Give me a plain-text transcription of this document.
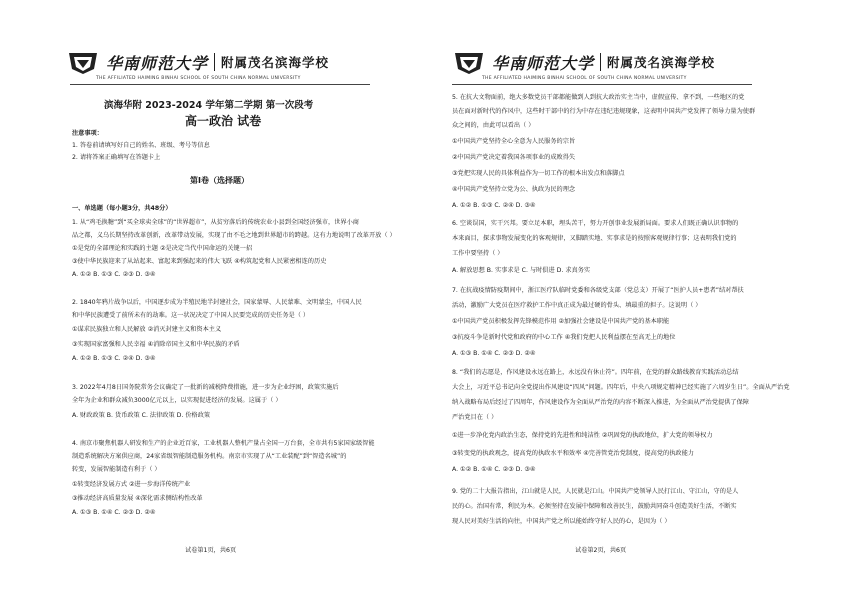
华南师范大学 附属茂名滨海学校
THE AFFILIATED HAIMING BINHAI SCHOOL OF SOUTH CHINA NORMAL UNIVERSITY
滨海华附 2023-2024 学年第二学期 第一次段考
高一政治 试卷
注意事项：
1. 答卷前请填写好自己的姓名、班级、考号等信息
2. 请将答案正确填写在答题卡上
第Ⅰ卷（选择题）
一、单选题（每小题3分，共48分）
1. 从“鸡毛换糖”到“买全球卖全球”的“世界超市”，从贫穷落后的传统农业小县到全国经济强市，世界小商
品之都，义乌长期坚持改革创新，改革带动发展，实现了由不毛之地到世界超市的跨越。这有力地说明了改革开放（ ）
①是党的全部理论和实践的主题 ②是决定当代中国命运的关键一招
③使中华民族迎来了从站起来、富起来到强起来的伟大飞跃 ④构筑起党和人民紧密相连的历史
A. ①② B. ①③ C. ②③ D. ③④
2. 1840年鸦片战争以后，中国逐步成为半殖民地半封建社会，国家蒙辱、人民蒙难、文明蒙尘，中国人民
和中华民族遭受了前所未有的劫难。这一状况决定了中国人民要完成的历史任务是（ ）
①谋求民族独立和人民解放 ②消灭封建主义和资本主义
③实现国家富强和人民幸福 ④消除帝国主义和中华民族的矛盾
A. ①② B. ①③ C. ②④ D. ③④
3. 2022年4月8日国务院常务会议确定了一批新的减税降费措施，进一步为企业纾困，政策实施后
全年为企业和群众减负3000亿元以上，以实现促进经济的发展。这属于（ ）
A. 财政政策 B. 货币政策 C. 法律政策 D. 价格政策
4. 南京市聚焦机器人研发和生产的企业近百家，工业机器人整机产量占全国一万台套，全市共有5家国家级智能
制造系统解决方案供应商，24家省级智能制造服务机构。南京市实现了从“工业装配”到“智造名城”的
转变，发展智能制造有利于（ ）
①转变经济发展方式 ②进一步海洋传统产业
③推动经济高质量发展 ④深化需求侧结构性改革
A. ①③ B. ①④ C. ②③ D. ②④
试卷第1页，共6页
华南师范大学 附属茂名滨海学校
THE AFFILIATED HAIMING BINHAI SCHOOL OF SOUTH CHINA NORMAL UNIVERSITY
5. 在抗大文物面前，绝大多数党员干部都能做到人到抗大政治实主当中，虚假宣传、拿不到，一些地区的党
员在面对新时代的作风中，这些时干部中的行为中存在违纪违规现象，这表明中国共产党发挥了领导力量为使群
众之间的，由此可以看出（ ）
①中国共产党坚持全心全意为人民服务的宗旨
②中国共产党决定着我国各项事业的成败得失
③党把实现人民的具体利益作为一切工作的根本出发点和落脚点
④中国共产党坚持立党为公、执政为民的理念
A. ①② B. ①③ C. ②④ D. ③④
6. 空谈误国，实干兴邦。要立足本职，埋头苦干，努力开创事业发展新局面。要求人们既正确认识事物的
本来面目，探求事物发展变化的客观规律，又脚踏实地、实事求是的按照客观规律行事；这表明我们党的
工作中要坚持（ ）
A. 解放思想 B. 实事求是 C. 与时俱进 D. 求真务实
7. 在抗战疫情防疫期间中，浙江医疗队临时党委和各级党支部（党总支）开展了“医护人员+患者”结对帮扶
活动，激励广大党员在医疗救护工作中真正成为最过硬的骨头、填最重的担子。这说明（ ）
①中国共产党员积极发挥先锋模范作用 ②加强社会建设是中国共产党的基本职能
③抗疫斗争是新时代党和政府的中心工作 ④我们党把人民利益摆在至高无上的地位
A. ①③ B. ①④ C. ②③ D. ②④
8. “我们的志愿是，作风建设永远在路上，永远没有休止符”。四年前，在党的群众路线教育实践活动总结
大会上，习近平总书记向全党提出作风建设“四风”问题。四年后，中央八项规定精神已经实施了六周岁生日”。全面从严治党
纳入战略布局后经过了四周年，作风建设作为全面从严治党的内容不断深入推进，为全面从严治党提供了保障
严治党目在（ ）
①进一步净化党内政治生态，保持党的先进性和纯洁性 ②巩固党的执政地位，扩大党的领导权力
③转变党的执政观念，提高党的执政水平和效率 ④完善管党治党制度，提高党的执政能力
A. ①② B. ①④ C. ②③ D. ③④
9. 党的二十大报告指出，江山就是人民，人民就是江山。中国共产党领导人民打江山、守江山，守的是人
民的心。治国有常，利民为本。必须坚持在发展中保障和改善民生，鼓励共同奋斗创造美好生活，不断实
现人民对美好生活的向往，中国共产党之所以能始终守好人民的心，是因为（ ）
试卷第2页，共6页
